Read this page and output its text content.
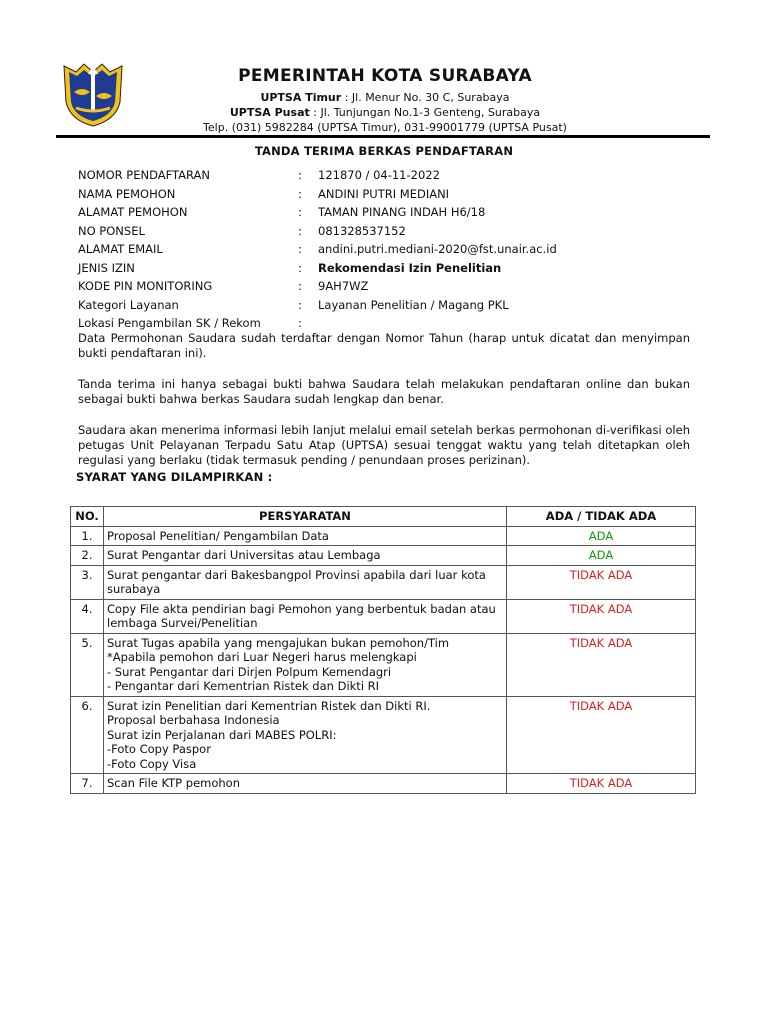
PEMERINTAH KOTA SURABAYA
UPTSA Timur : Jl. Menur No. 30 C, Surabaya
UPTSA Pusat : Jl. Tunjungan No.1-3 Genteng, Surabaya
Telp. (031) 5982284 (UPTSA Timur), 031-99001779 (UPTSA Pusat)
TANDA TERIMA BERKAS PENDAFTARAN
NOMOR PENDAFTARAN	:	121870 / 04-11-2022
NAMA PEMOHON	:	ANDINI PUTRI MEDIANI
ALAMAT PEMOHON	:	TAMAN PINANG INDAH H6/18
NO PONSEL	:	081328537152
ALAMAT EMAIL	:	andini.putri.mediani-2020@fst.unair.ac.id
JENIS IZIN	:	Rekomendasi Izin Penelitian
KODE PIN MONITORING	:	9AH7WZ
Kategori Layanan	:	Layanan Penelitian / Magang PKL
Lokasi Pengambilan SK / Rekom	:

Data Permohonan Saudara sudah terdaftar dengan Nomor Tahun (harap untuk dicatat dan menyimpan bukti pendaftaran ini).

Tanda terima ini hanya sebagai bukti bahwa Saudara telah melakukan pendaftaran online dan bukan sebagai bukti bahwa berkas Saudara sudah lengkap dan benar.

Saudara akan menerima informasi lebih lanjut melalui email setelah berkas permohonan di-verifikasi oleh petugas Unit Pelayanan Terpadu Satu Atap (UPTSA) sesuai tenggat waktu yang telah ditetapkan oleh regulasi yang berlaku (tidak termasuk pending / penundaan proses perizinan).

SYARAT YANG DILAMPIRKAN :
NO.	PERSYARATAN	ADA / TIDAK ADA
1.	Proposal Penelitian/ Pengambilan Data	ADA
2.	Surat Pengantar dari Universitas atau Lembaga	ADA
3.	Surat pengantar dari Bakesbangpol Provinsi apabila dari luar kota surabaya	TIDAK ADA
4.	Copy File akta pendirian bagi Pemohon yang berbentuk badan atau lembaga Survei/Penelitian	TIDAK ADA
5.	Surat Tugas apabila yang mengajukan bukan pemohon/Tim
*Apabila pemohon dari Luar Negeri harus melengkapi
- Surat Pengantar dari Dirjen Polpum Kemendagri
- Pengantar dari Kementrian Ristek dan Dikti RI	TIDAK ADA
6.	Surat izin Penelitian dari Kementrian Ristek dan Dikti RI.
Proposal berbahasa Indonesia
Surat izin Perjalanan dari MABES POLRI:
-Foto Copy Paspor
-Foto Copy Visa	TIDAK ADA
7.	Scan File KTP pemohon	TIDAK ADA
